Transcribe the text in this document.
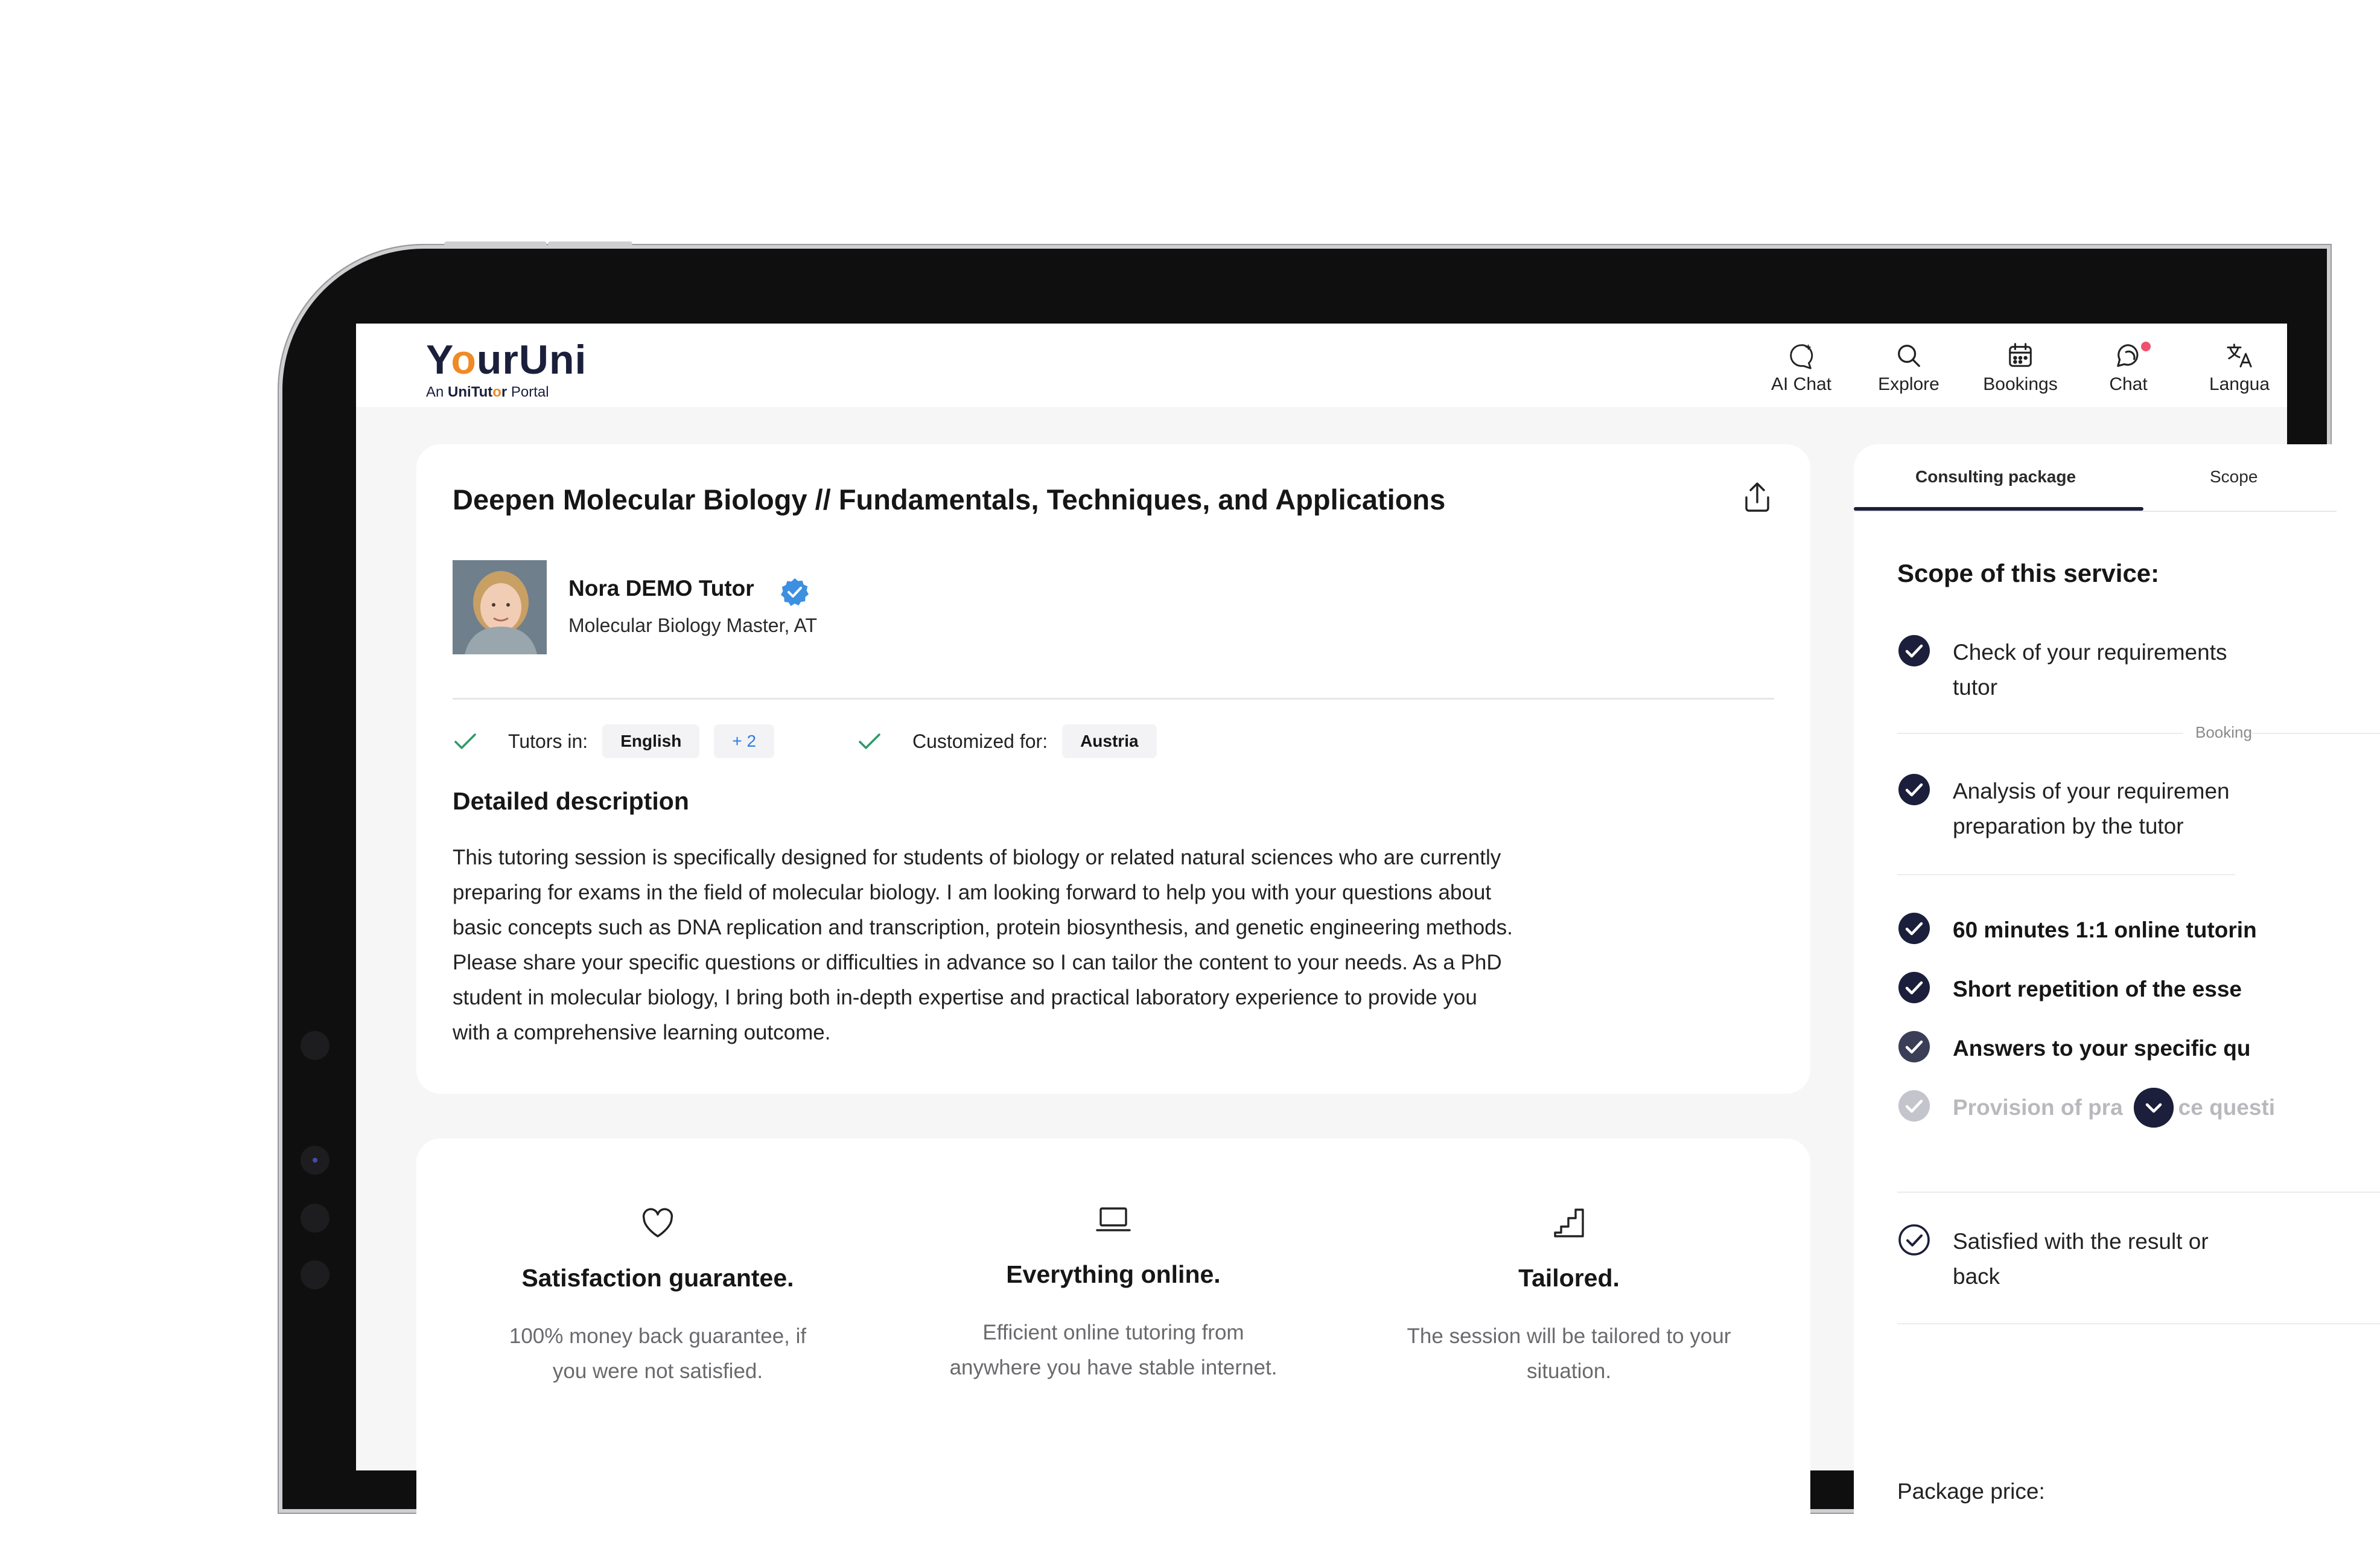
YourUni
An UniTutor Portal	AI Chat	Explore	Bookings	Chat	Langua
Deepen Molecular Biology // Fundamentals, Techniques, and Applications
Nora DEMO Tutor
Molecular Biology Master, AT
Tutors in:	English	+ 2	Customized for:	Austria
Detailed description
This tutoring session is specifically designed for students of biology or related natural sciences who are currently
preparing for exams in the field of molecular biology. I am looking forward to help you with your questions about
basic concepts such as DNA replication and transcription, protein biosynthesis, and genetic engineering methods.
Please share your specific questions or difficulties in advance so I can tailor the content to your needs. As a PhD
student in molecular biology, I bring both in-depth expertise and practical laboratory experience to provide you
with a comprehensive learning outcome.
Satisfaction guarantee.

100% money back guarantee, if
you were not satisfied.

Everything online.

Efficient online tutoring from
anywhere you have stable internet.

Tailored.

The session will be tailored to your
situation.

Consulting package	Scope
Scope of this service:
Check of your requirements
tutor
Booking
Analysis of your requiremen
preparation by the tutor
60 minutes 1:1 online tutorin
Short repetition of the esse
Answers to your specific qu
Provision of pra ce questi
Satisfied with the result or
back
Package price:
